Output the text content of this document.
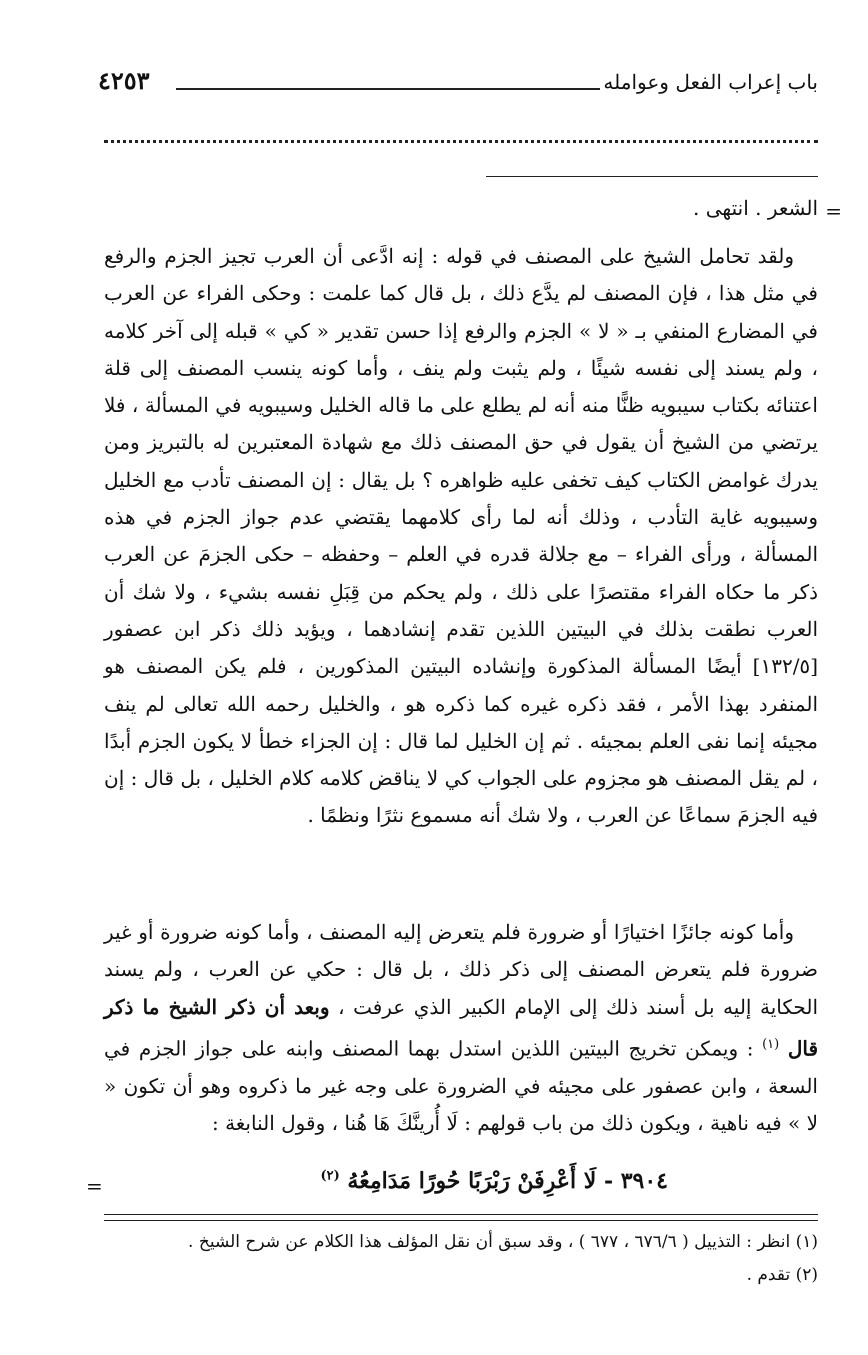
باب إعراب الفعل وعوامله
٤٢٥٣
=
الشعر . انتهى .
ولقد تحامل الشيخ على المصنف في قوله : إنه ادَّعى أن العرب تجيز الجزم والرفع في مثل هذا ، فإن المصنف لم يدَّع ذلك ، بل قال كما علمت : وحكى الفراء عن العرب في المضارع المنفي بـ « لا » الجزم والرفع إذا حسن تقدير « كي » قبله إلى آخر كلامه ، ولم يسند إلى نفسه شيئًا ، ولم يثبت ولم ينف ، وأما كونه ينسب المصنف إلى قلة اعتنائه بكتاب سيبويه ظنًّا منه أنه لم يطلع على ما قاله الخليل وسيبويه في المسألة ، فلا يرتضي من الشيخ أن يقول في حق المصنف ذلك مع شهادة المعتبرين له بالتبريز ومن يدرك غوامض الكتاب كيف تخفى عليه ظواهره ؟ بل يقال : إن المصنف تأدب مع الخليل وسيبويه غاية التأدب ، وذلك أنه لما رأى كلامهما يقتضي عدم جواز الجزم في هذه المسألة ، ورأى الفراء – مع جلالة قدره في العلم – وحفظه – حكى الجزمَ عن العرب ذكر ما حكاه الفراء مقتصرًا على ذلك ، ولم يحكم من قِبَلِ نفسه بشيء ، ولا شك أن العرب نطقت بذلك في البيتين اللذين تقدم إنشادهما ، ويؤيد ذلك ذكر ابن عصفور [١٣٢/٥] أيضًا المسألة المذكورة وإنشاده البيتين المذكورين ، فلم يكن المصنف هو المنفرد بهذا الأمر ، فقد ذكره غيره كما ذكره هو ، والخليل رحمه الله تعالى لم ينف مجيئه إنما نفى العلم بمجيئه . ثم إن الخليل لما قال : إن الجزاء خطأ لا يكون الجزم أبدًا ، لم يقل المصنف هو مجزوم على الجواب كي لا يناقض كلامه كلام الخليل ، بل قال : إن فيه الجزمَ سماعًا عن العرب ، ولا شك أنه مسموع نثرًا ونظمًا .
وأما كونه جائزًا اختيارًا أو ضرورة فلم يتعرض إليه المصنف ، وأما كونه ضرورة أو غير ضرورة فلم يتعرض المصنف إلى ذكر ذلك ، بل قال : حكي عن العرب ، ولم يسند الحكاية إليه بل أسند ذلك إلى الإمام الكبير الذي عرفت ، وبعد أن ذكر الشيخ ما ذكر قال $^{(١)}$ : ويمكن تخريج البيتين اللذين استدل بهما المصنف وابنه على جواز الجزم في السعة ، وابن عصفور على مجيئه في الضرورة على وجه غير ما ذكروه وهو أن تكون « لا » فيه ناهية ، ويكون ذلك من باب قولهم : لَا أُرينَّكَ هَا هُنا ، وقول النابغة :
٣٩٠٤ - لَا أَعْرِفَنْ رَبْرَبًا حُورًا مَدَامِعُهُ $^{(٢)}$
=
(١) انظر : التذييل ( ٦٧٦/٦ ، ٦٧٧ ) ، وقد سبق أن نقل المؤلف هذا الكلام عن شرح الشيخ .
(٢) تقدم .
